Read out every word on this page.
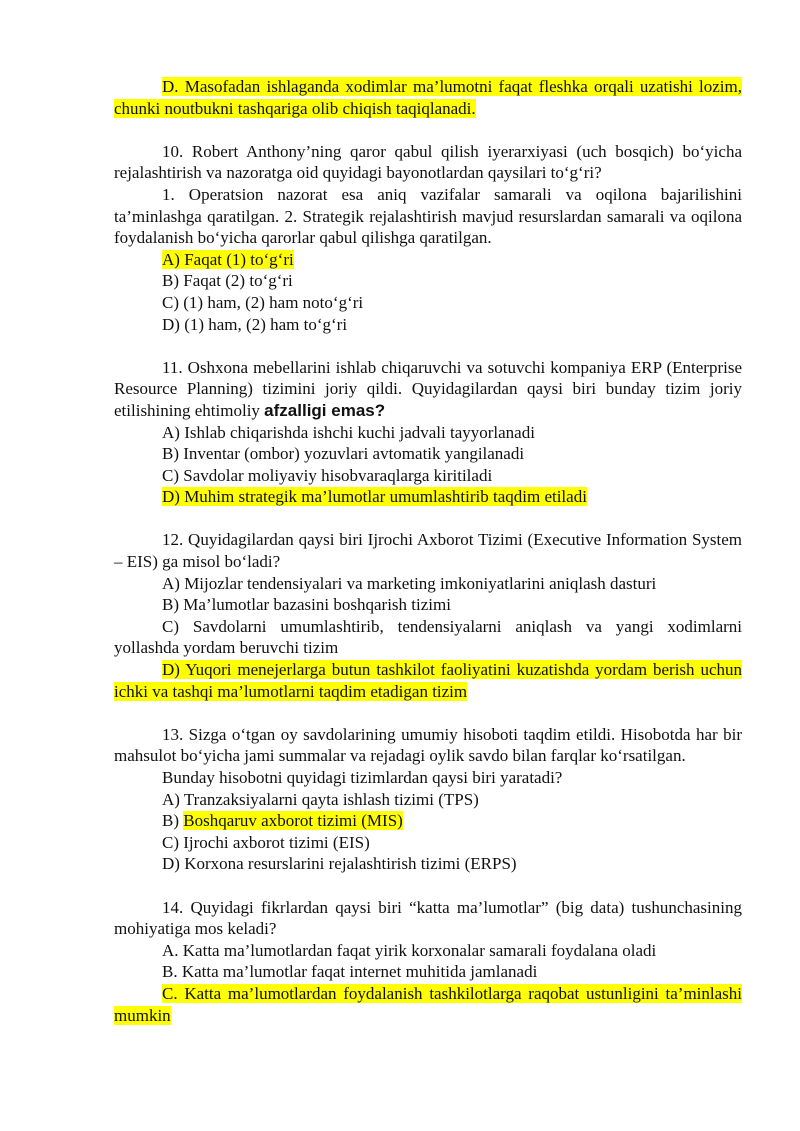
D. Masofadan ishlaganda xodimlar ma’lumotni faqat fleshka orqali uzatishi lozim, chunki noutbukni tashqariga olib chiqish taqiqlanadi.

10. Robert Anthony’ning qaror qabul qilish iyerarxiyasi (uch bosqich) bo‘yicha rejalashtirish va nazoratga oid quyidagi bayonotlardan qaysilari to‘g‘ri?

1. Operatsion nazorat esa aniq vazifalar samarali va oqilona bajarilishini ta’minlashga qaratilgan. 2. Strategik rejalashtirish mavjud resurslardan samarali va oqilona foydalanish bo‘yicha qarorlar qabul qilishga qaratilgan.

A) Faqat (1) to‘g‘ri

B) Faqat (2) to‘g‘ri

C) (1) ham, (2) ham noto‘g‘ri

D) (1) ham, (2) ham to‘g‘ri

11. Oshxona mebellarini ishlab chiqaruvchi va sotuvchi kompaniya ERP (Enterprise Resource Planning) tizimini joriy qildi. Quyidagilardan qaysi biri bunday tizim joriy etilishining ehtimoliy afzalligi emas?

A) Ishlab chiqarishda ishchi kuchi jadvali tayyorlanadi

B) Inventar (ombor) yozuvlari avtomatik yangilanadi

C) Savdolar moliyaviy hisobvaraqlarga kiritiladi

D) Muhim strategik ma’lumotlar umumlashtirib taqdim etiladi

12. Quyidagilardan qaysi biri Ijrochi Axborot Tizimi (Executive Information System – EIS) ga misol bo‘ladi?

A) Mijozlar tendensiyalari va marketing imkoniyatlarini aniqlash dasturi

B) Ma’lumotlar bazasini boshqarish tizimi

C) Savdolarni umumlashtirib, tendensiyalarni aniqlash va yangi xodimlarni yollashda yordam beruvchi tizim

D) Yuqori menejerlarga butun tashkilot faoliyatini kuzatishda yordam berish uchun ichki va tashqi ma’lumotlarni taqdim etadigan tizim

13. Sizga o‘tgan oy savdolarining umumiy hisoboti taqdim etildi. Hisobotda har bir mahsulot bo‘yicha jami summalar va rejadagi oylik savdo bilan farqlar ko‘rsatilgan.

Bunday hisobotni quyidagi tizimlardan qaysi biri yaratadi?

A) Tranzaksiyalarni qayta ishlash tizimi (TPS)

B) Boshqaruv axborot tizimi (MIS)

C) Ijrochi axborot tizimi (EIS)

D) Korxona resurslarini rejalashtirish tizimi (ERPS)

14. Quyidagi fikrlardan qaysi biri “katta ma’lumotlar” (big data) tushunchasining mohiyatiga mos keladi?

A. Katta ma’lumotlardan faqat yirik korxonalar samarali foydalana oladi

B. Katta ma’lumotlar faqat internet muhitida jamlanadi

C. Katta ma’lumotlardan foydalanish tashkilotlarga raqobat ustunligini ta’minlashi mumkin
